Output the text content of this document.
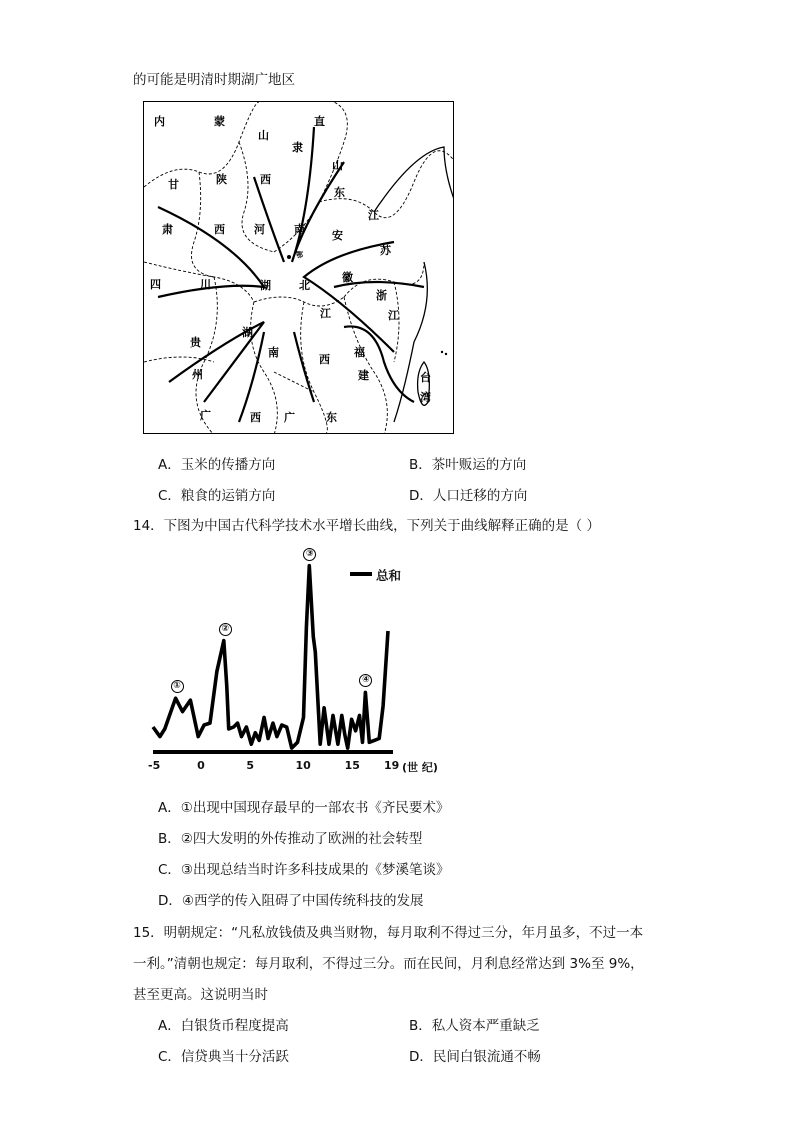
的可能是明清时期湖广地区
内	蒙	直
山
隶
山
甘	陕	西
东
江
西	河	南 安
肃
苏
鄂
四	川	湖	北
徽
浙
江	江
贵
湖
南
西
福
州	建	台
湾
广	西 广	东
A．玉米的传播方向	B．茶叶贩运的方向
C．粮食的运销方向	D．人口迁移的方向
14．下图为中国古代科学技术水平增长曲线，下列关于曲线解释正确的是（ ）
(世 纪)
总和
-5	0	5	10	15 19
①
②
③
④
A．①出现中国现存最早的一部农书《齐民要术》
B．②四大发明的外传推动了欧洲的社会转型
C．③出现总结当时许多科技成果的《梦溪笔谈》
D．④西学的传入阻碍了中国传统科技的发展
15．明朝规定：“凡私放钱债及典当财物，每月取利不得过三分，年月虽多，不过一本
一利。”清朝也规定：每月取利，不得过三分。而在民间，月利息经常达到 3%至 9%，
甚至更高。这说明当时
A．白银货币程度提高	B．私人资本严重缺乏
C．信贷典当十分活跃	D．民间白银流通不畅
